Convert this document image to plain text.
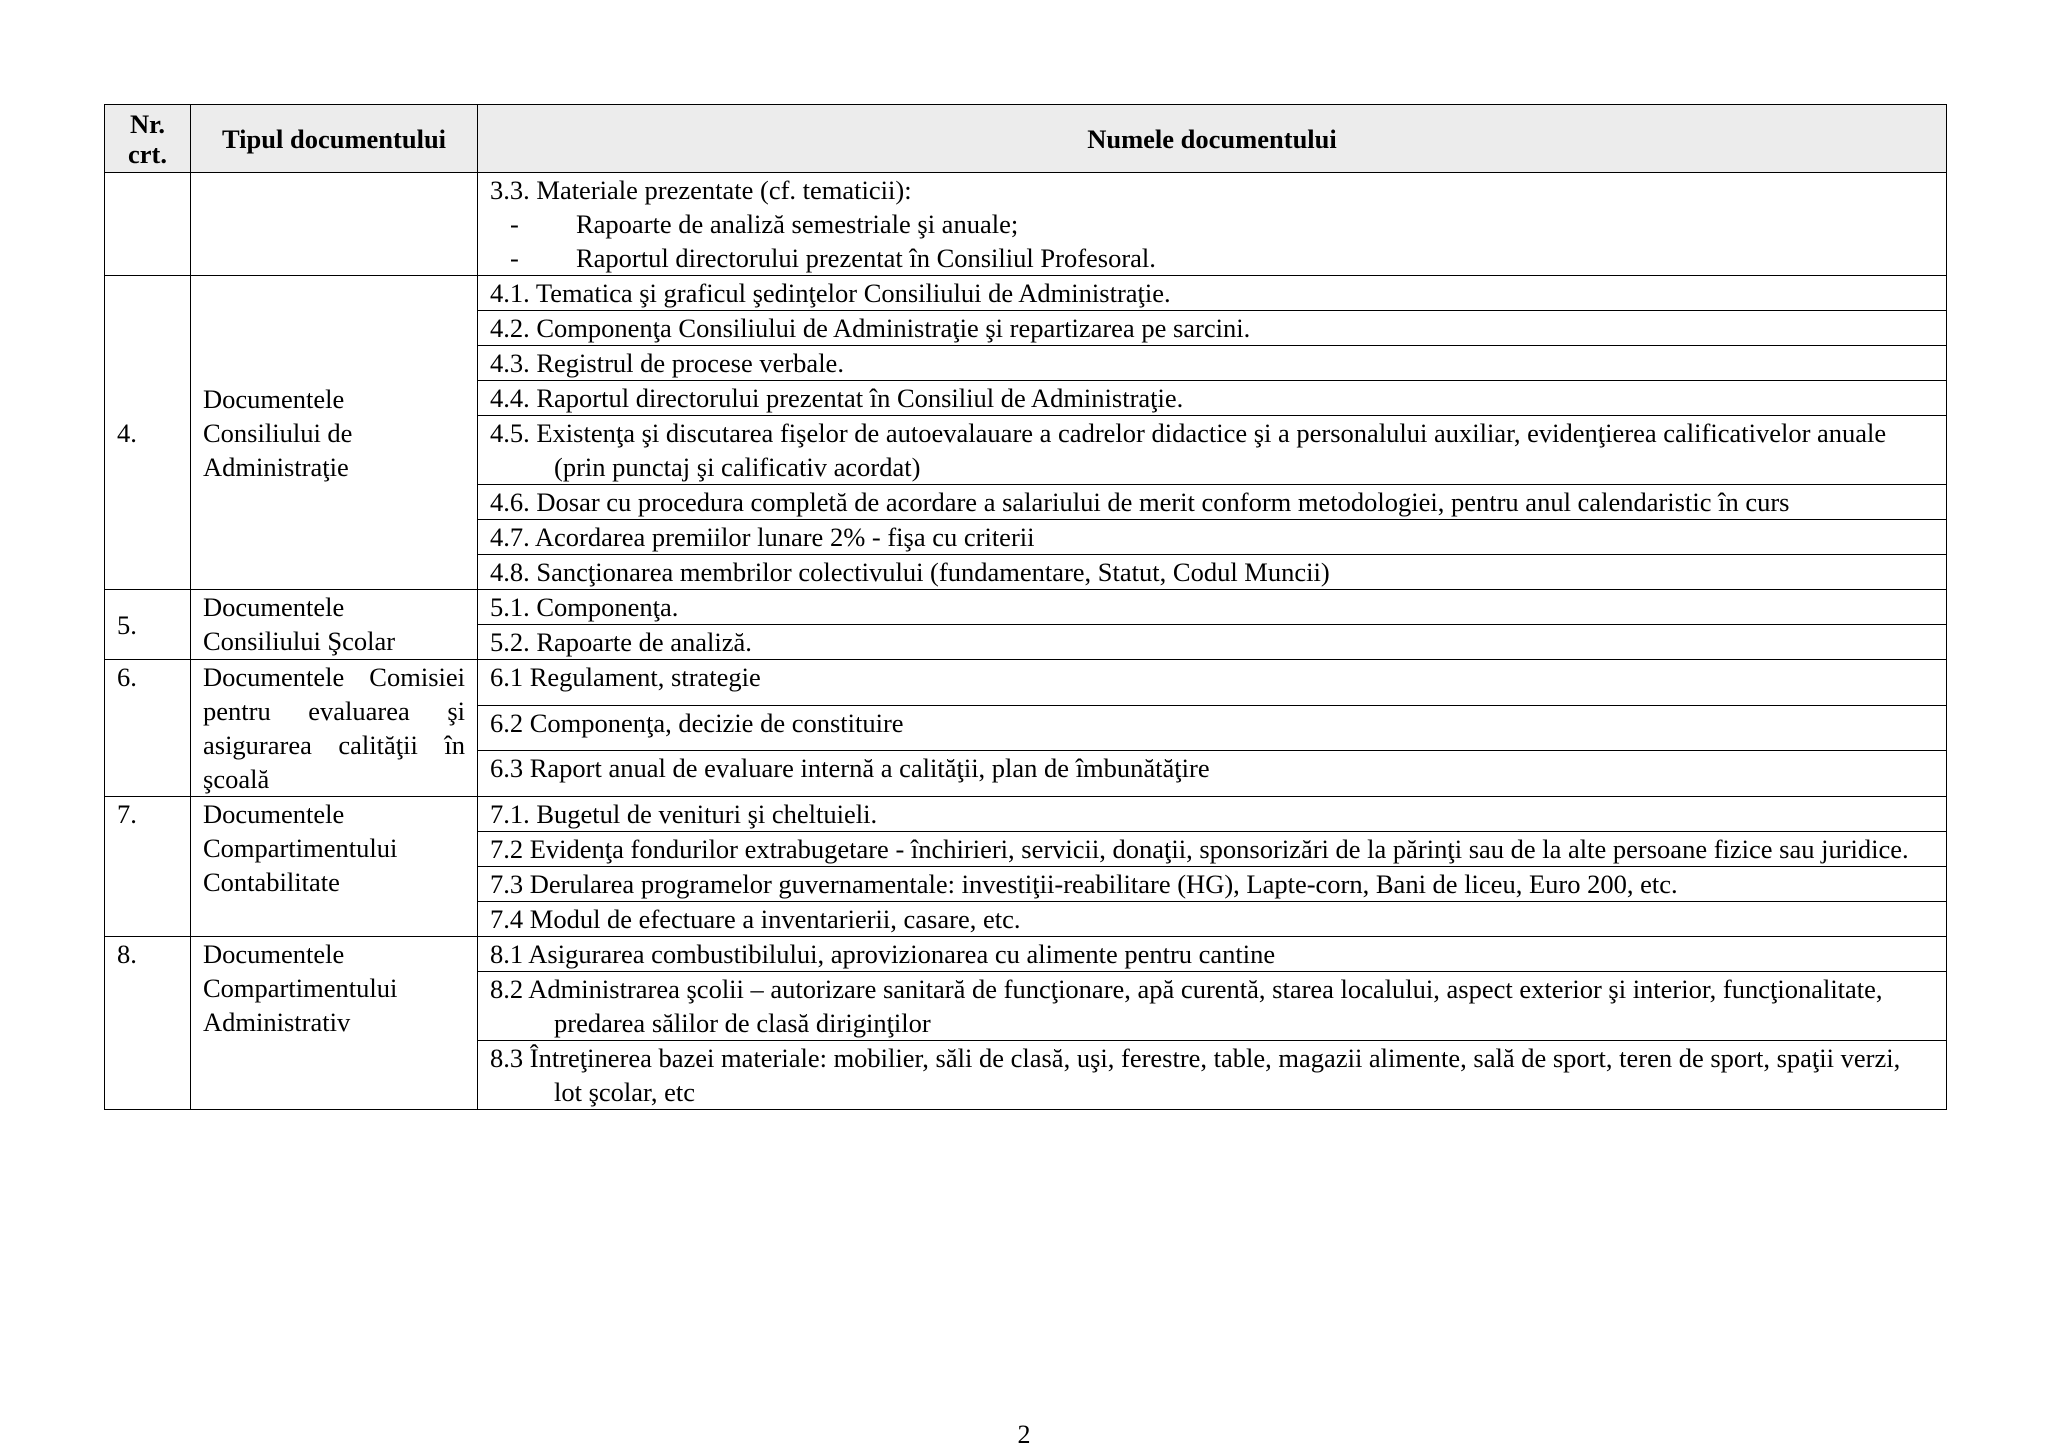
Nr.
crt.	Tipul documentului	Numele documentului

		3.3. Materiale prezentate (cf. tematicii):
- Rapoarte de analiză semestriale şi anuale;
- Raportul directorului prezentat în Consiliul Profesoral.

4.	Documentele Consiliului de Administraţie	4.1. Tematica şi graficul şedinţelor Consiliului de Administraţie.

		4.2. Componenţa Consiliului de Administraţie şi repartizarea pe sarcini.

		4.3. Registrul de procese verbale.

		4.4. Raportul directorului prezentat în Consiliul de Administraţie.

		4.5. Existenţa şi discutarea fişelor de autoevalauare a cadrelor didactice şi a personalului auxiliar, evidenţierea calificativelor anuale (prin punctaj şi calificativ acordat)

		4.6. Dosar cu procedura completă de acordare a salariului de merit conform metodologiei, pentru anul calendaristic în curs

		4.7. Acordarea premiilor lunare 2% - fişa cu criterii

		4.8. Sancţionarea membrilor colectivului (fundamentare, Statut, Codul Muncii)

5.	Documentele Consiliului Şcolar	5.1. Componenţa.

		5.2. Rapoarte de analiză.

6.	Documentele Comisiei pentru evaluarea şi asigurarea calităţii în şcoală	6.1 Regulament, strategie

		6.2 Componenţa, decizie de constituire

		6.3 Raport anual de evaluare internă a calităţii, plan de îmbunătăţire

7.	Documentele Compartimentului Contabilitate	7.1. Bugetul de venituri şi cheltuieli.

		7.2 Evidenţa fondurilor extrabugetare - închirieri, servicii, donaţii, sponsorizări de la părinţi sau de la alte persoane fizice sau juridice.

		7.3 Derularea programelor guvernamentale: investiţii-reabilitare (HG), Lapte-corn, Bani de liceu, Euro 200, etc.

		7.4 Modul de efectuare a inventarierii, casare, etc.

8.	Documentele Compartimentului Administrativ	8.1 Asigurarea combustibilului, aprovizionarea cu alimente pentru cantine

		8.2 Administrarea şcolii – autorizare sanitară de funcţionare, apă curentă, starea localului, aspect exterior şi interior, funcţionalitate, predarea sălilor de clasă diriginţilor

		8.3 Întreţinerea bazei materiale: mobilier, săli de clasă, uşi, ferestre, table, magazii alimente, sală de sport, teren de sport, spaţii verzi, lot şcolar, etc
2
